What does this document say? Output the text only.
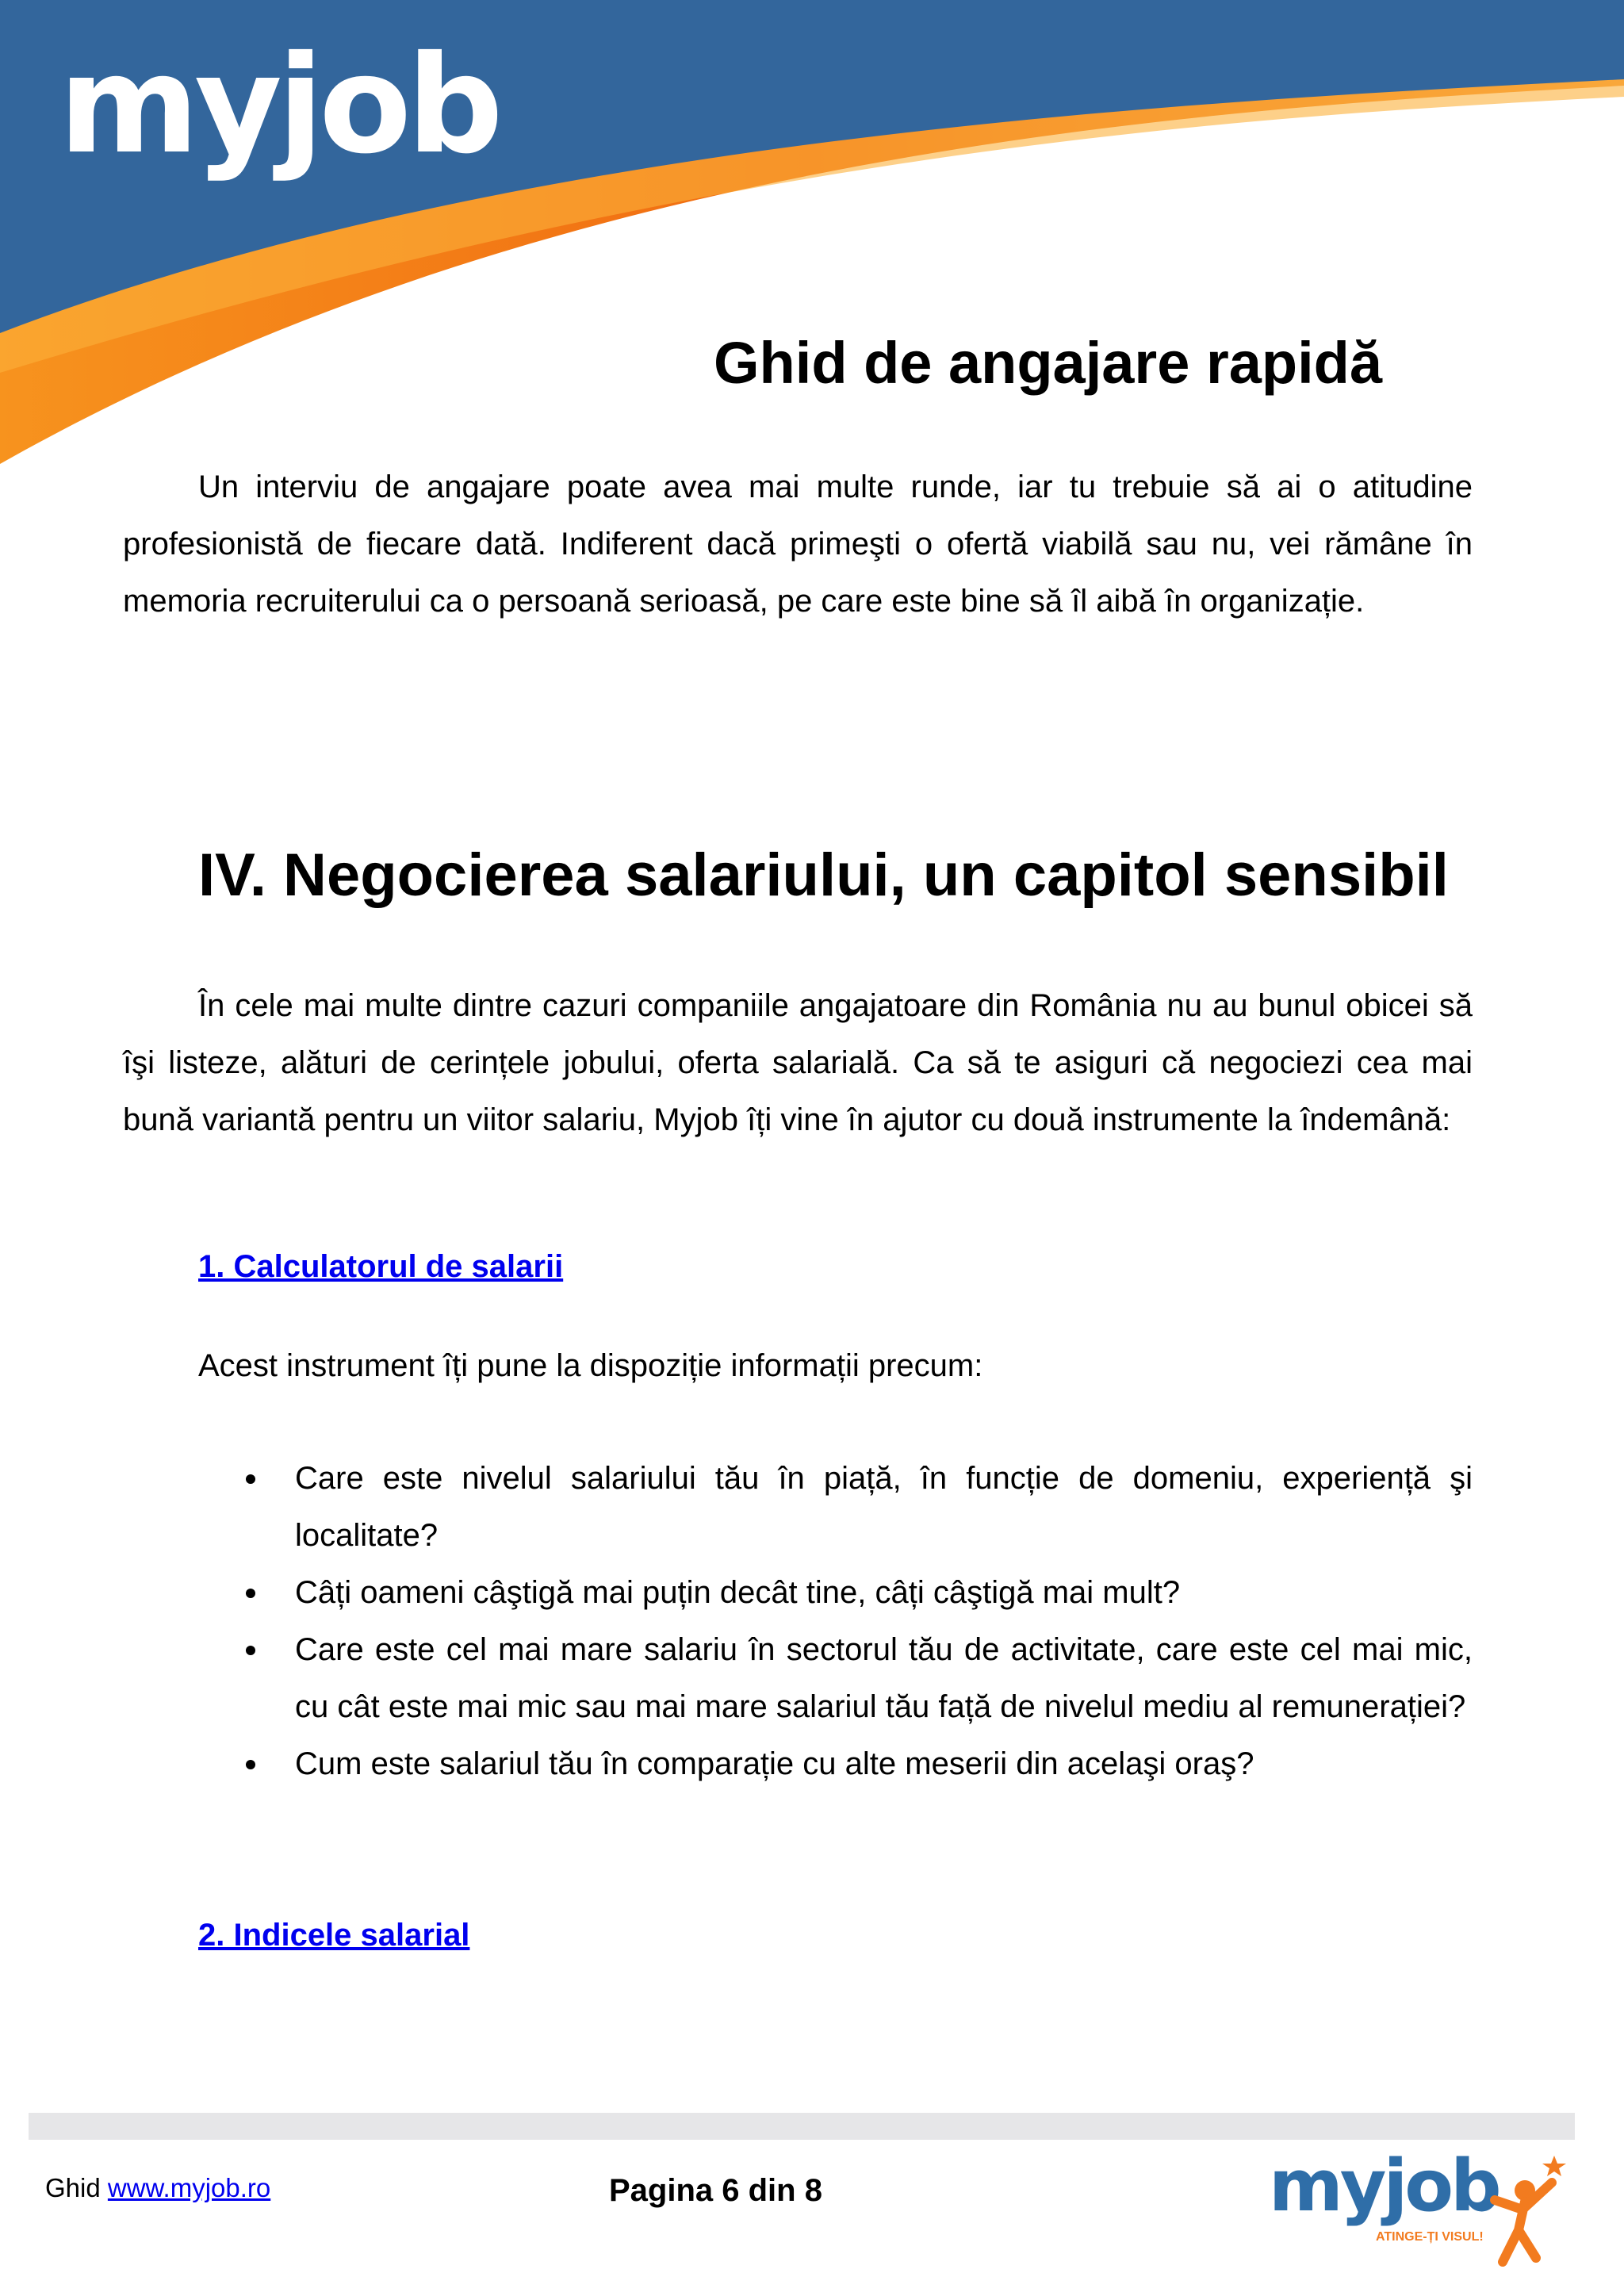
myjob
Ghid de angajare rapidă

Un interviu de angajare poate avea mai multe runde, iar tu trebuie să ai o atitudine profesionistă de fiecare dată. Indiferent dacă primeşti o ofertă viabilă sau nu, vei rămâne în memoria recruiterului ca o persoană serioasă, pe care este bine să îl aibă în organizație.

IV. Negocierea salariului, un capitol sensibil

În cele mai multe dintre cazuri companiile angajatoare din România nu au bunul obicei să îşi listeze, alături de cerințele jobului, oferta salarială. Ca să te asiguri că negociezi cea mai bună variantă pentru un viitor salariu, Myjob îți vine în ajutor cu două instrumente la îndemână:

1. Calculatorul de salarii

Acest instrument îți pune la dispoziție informații precum:

Care este nivelul salariului tău în piață, în funcție de domeniu, experiență şi localitate?
Câți oameni câştigă mai puțin decât tine, câți câştigă mai mult?
Care este cel mai mare salariu în sectorul tău de activitate, care este cel mai mic, cu cât este mai mic sau mai mare salariul tău față de nivelul mediu al remunerației?
Cum este salariul tău în comparație cu alte meserii din acelaşi oraş?
2. Indicele salarial
Ghid www.myjob.ro	Pagina 6 din 8	myjob
ATINGE-ȚI VISUL!
